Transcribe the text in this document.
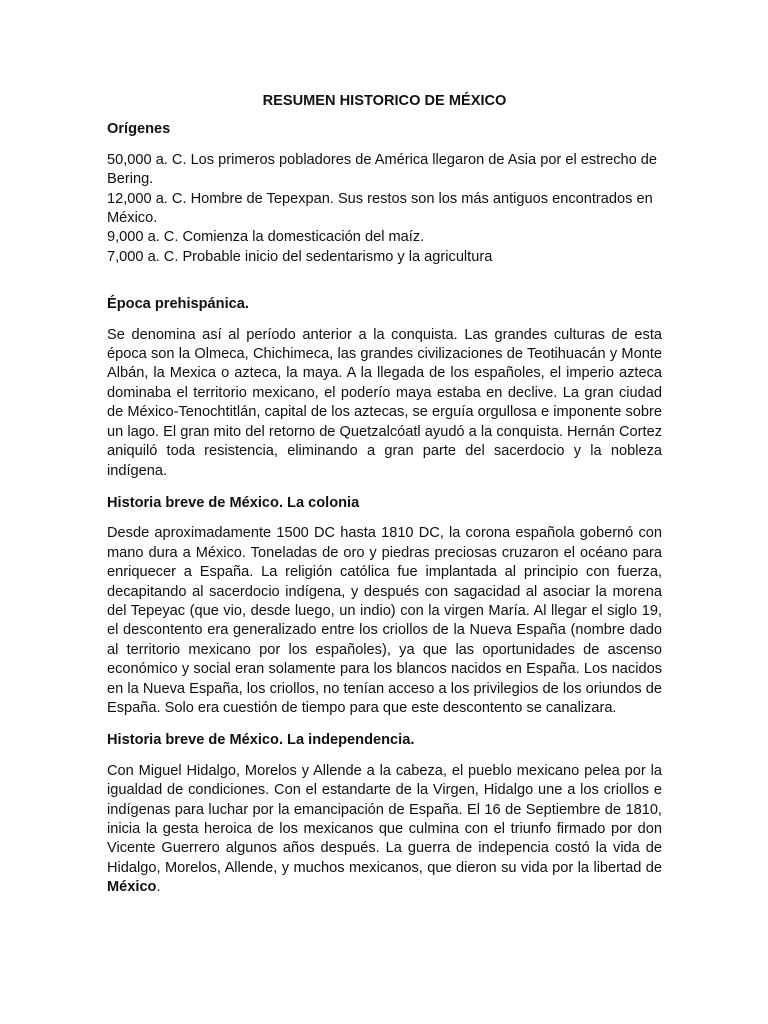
RESUMEN HISTORICO DE MÉXICO
Orígenes
50,000 a. C. Los primeros pobladores de América llegaron de Asia por el estrecho de Bering.
12,000 a. C. Hombre de Tepexpan. Sus restos son los más antiguos encontrados en México.
9,000 a. C. Comienza la domesticación del maíz.
7,000 a. C. Probable inicio del sedentarismo y la agricultura
Época prehispánica.
Se denomina así al período anterior a la conquista. Las grandes culturas de esta época son la Olmeca, Chichimeca, las grandes civilizaciones de Teotihuacán y Monte Albán, la Mexica o azteca, la maya. A la llegada de los españoles, el imperio azteca dominaba el territorio mexicano, el poderío maya estaba en declive. La gran ciudad de México-Tenochtitlán, capital de los aztecas, se erguía orgullosa e imponente sobre un lago. El gran mito del retorno de Quetzalcóatl ayudó a la conquista. Hernán Cortez aniquiló toda resistencia, eliminando a gran parte del sacerdocio y la nobleza indígena.
Historia breve de México. La colonia
Desde aproximadamente 1500 DC hasta 1810 DC, la corona española gobernó con mano dura a México. Toneladas de oro y piedras preciosas cruzaron el océano para enriquecer a España. La religión católica fue implantada al principio con fuerza, decapitando al sacerdocio indígena, y después con sagacidad al asociar la morena del Tepeyac (que vio, desde luego, un indio) con la virgen María. Al llegar el siglo 19, el descontento era generalizado entre los criollos de la Nueva España (nombre dado al territorio mexicano por los españoles), ya que las oportunidades de ascenso económico y social eran solamente para los blancos nacidos en España. Los nacidos en la Nueva España, los criollos, no tenían acceso a los privilegios de los oriundos de España. Solo era cuestión de tiempo para que este descontento se canalizara.
Historia breve de México. La independencia.
Con Miguel Hidalgo, Morelos y Allende a la cabeza, el pueblo mexicano pelea por la igualdad de condiciones. Con el estandarte de la Virgen, Hidalgo une a los criollos e indígenas para luchar por la emancipación de España. El 16 de Septiembre de 1810, inicia la gesta heroica de los mexicanos que culmina con el triunfo firmado por don Vicente Guerrero algunos años después. La guerra de indepencia costó la vida de Hidalgo, Morelos, Allende, y muchos mexicanos, que dieron su vida por la libertad de México.
